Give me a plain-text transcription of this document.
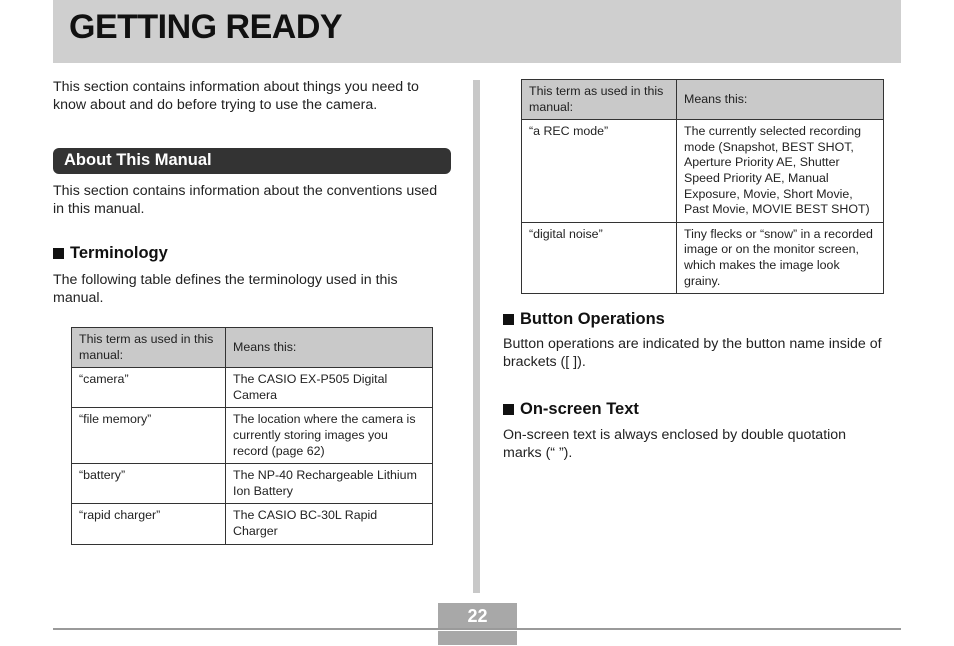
GETTING READY

This section contains information about things you need to know about and do before trying to use the camera.

About This Manual

This section contains information about the conventions used in this manual.

Terminology

The following table defines the terminology used in this manual.

This term as used in this manual:	Means this:
“camera”	The CASIO EX-P505 Digital Camera
“file memory”	The location where the camera is currently storing images you record (page 62)
“battery”	The NP-40 Rechargeable Lithium Ion Battery
“rapid charger”	The CASIO BC-30L Rapid Charger
This term as used in this manual:	Means this:
“a REC mode”	The currently selected recording mode (Snapshot, BEST SHOT, Aperture Priority AE, Shutter Speed Priority AE, Manual Exposure, Movie, Short Movie, Past Movie, MOVIE BEST SHOT)
“digital noise”	Tiny flecks or “snow” in a recorded image or on the monitor screen, which makes the image look grainy.
Button Operations

Button operations are indicated by the button name inside of brackets ([ ]).

On-screen Text

On-screen text is always enclosed by double quotation marks (“ ”).

22
